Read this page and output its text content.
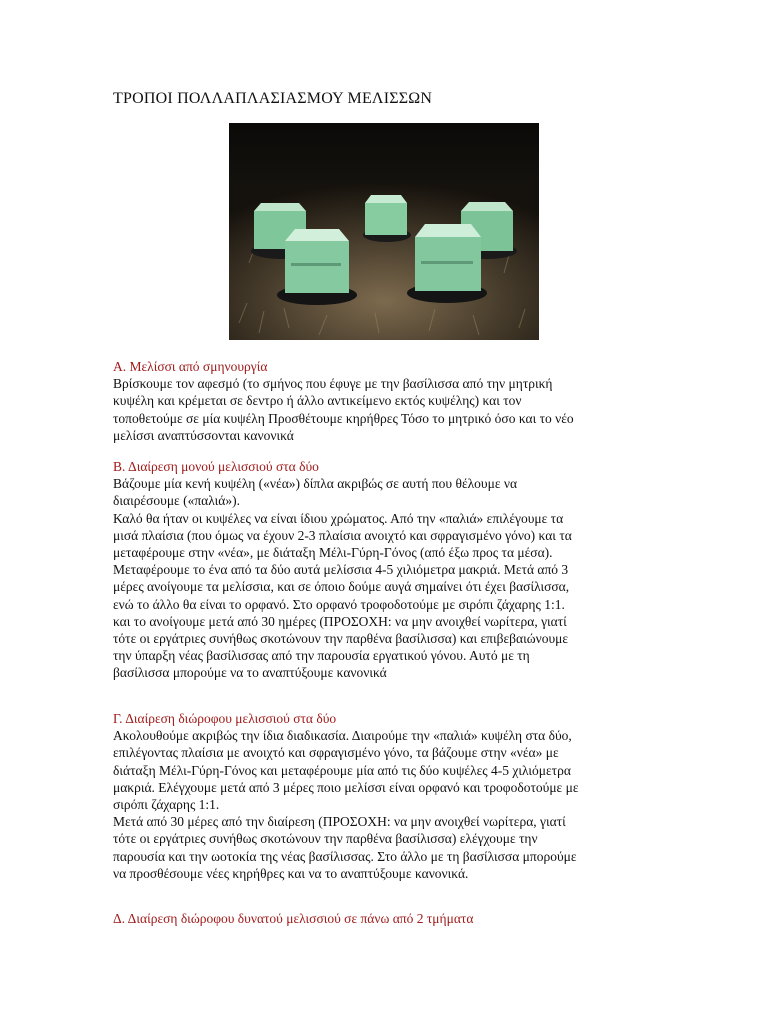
ΤΡΟΠΟΙ ΠΟΛΛΑΠΛΑΣΙΑΣΜΟΥ ΜΕΛΙΣΣΩΝ
Α. Μελίσσι από σμηνουργία

Βρίσκουμε τον αφεσμό (το σμήνος που έφυγε με την βασίλισσα από την μητρική
κυψέλη και κρέμεται σε δεντρο ή άλλο αντικείμενο εκτός κυψέλης) και τον
τοποθετούμε σε μία κυψέλη Προσθέτουμε κηρήθρες Τόσο το μητρικό όσο και το νέο
μελίσσι αναπτύσσονται κανονικά

Β. Διαίρεση μονού μελισσιού στα δύο

Βάζουμε μία κενή κυψέλη («νέα») δίπλα ακριβώς σε αυτή που θέλουμε να
διαιρέσουμε («παλιά»).
Καλό θα ήταν οι κυψέλες να είναι ίδιου χρώματος. Από την «παλιά» επιλέγουμε τα
μισά πλαίσια (που όμως να έχουν 2-3 πλαίσια ανοιχτό και σφραγισμένο γόνο) και τα
μεταφέρουμε στην «νέα», με διάταξη Μέλι-Γύρη-Γόνος (από έξω προς τα μέσα).
Μεταφέρουμε το ένα από τα δύο αυτά μελίσσια 4-5 χιλιόμετρα μακριά. Μετά από 3
μέρες ανοίγουμε τα μελίσσια, και σε όποιο δούμε αυγά σημαίνει ότι έχει βασίλισσα,
ενώ το άλλο θα είναι το ορφανό. Στο ορφανό τροφοδοτούμε με σιρόπι ζάχαρης 1:1.
και το ανοίγουμε μετά από 30 ημέρες (ΠΡΟΣΟΧΗ: να μην ανοιχθεί νωρίτερα, γιατί
τότε οι εργάτριες συνήθως σκοτώνουν την παρθένα βασίλισσα) και επιβεβαιώνουμε
την ύπαρξη νέας βασίλισσας από την παρουσία εργατικού γόνου. Αυτό με τη
βασίλισσα μπορούμε να το αναπτύξουμε κανονικά

Γ. Διαίρεση διώροφου μελισσιού στα δύο

Ακολουθούμε ακριβώς την ίδια διαδικασία. Διαιρούμε την «παλιά» κυψέλη στα δύο,
επιλέγοντας πλαίσια με ανοιχτό και σφραγισμένο γόνο, τα βάζουμε στην «νέα» με
διάταξη Μέλι-Γύρη-Γόνος και μεταφέρουμε μία από τις δύο κυψέλες 4-5 χιλιόμετρα
μακριά. Ελέγχουμε μετά από 3 μέρες ποιο μελίσσι είναι ορφανό και τροφοδοτούμε με
σιρόπι ζάχαρης 1:1.
Μετά από 30 μέρες από την διαίρεση (ΠΡΟΣΟΧΗ: να μην ανοιχθεί νωρίτερα, γιατί
τότε οι εργάτριες συνήθως σκοτώνουν την παρθένα βασίλισσα) ελέγχουμε την
παρουσία και την ωοτοκία της νέας βασίλισσας. Στο άλλο με τη βασίλισσα μπορούμε
να προσθέσουμε νέες κηρήθρες και να το αναπτύξουμε κανονικά.

Δ. Διαίρεση διώροφου δυνατού μελισσιού σε πάνω από 2 τμήματα
